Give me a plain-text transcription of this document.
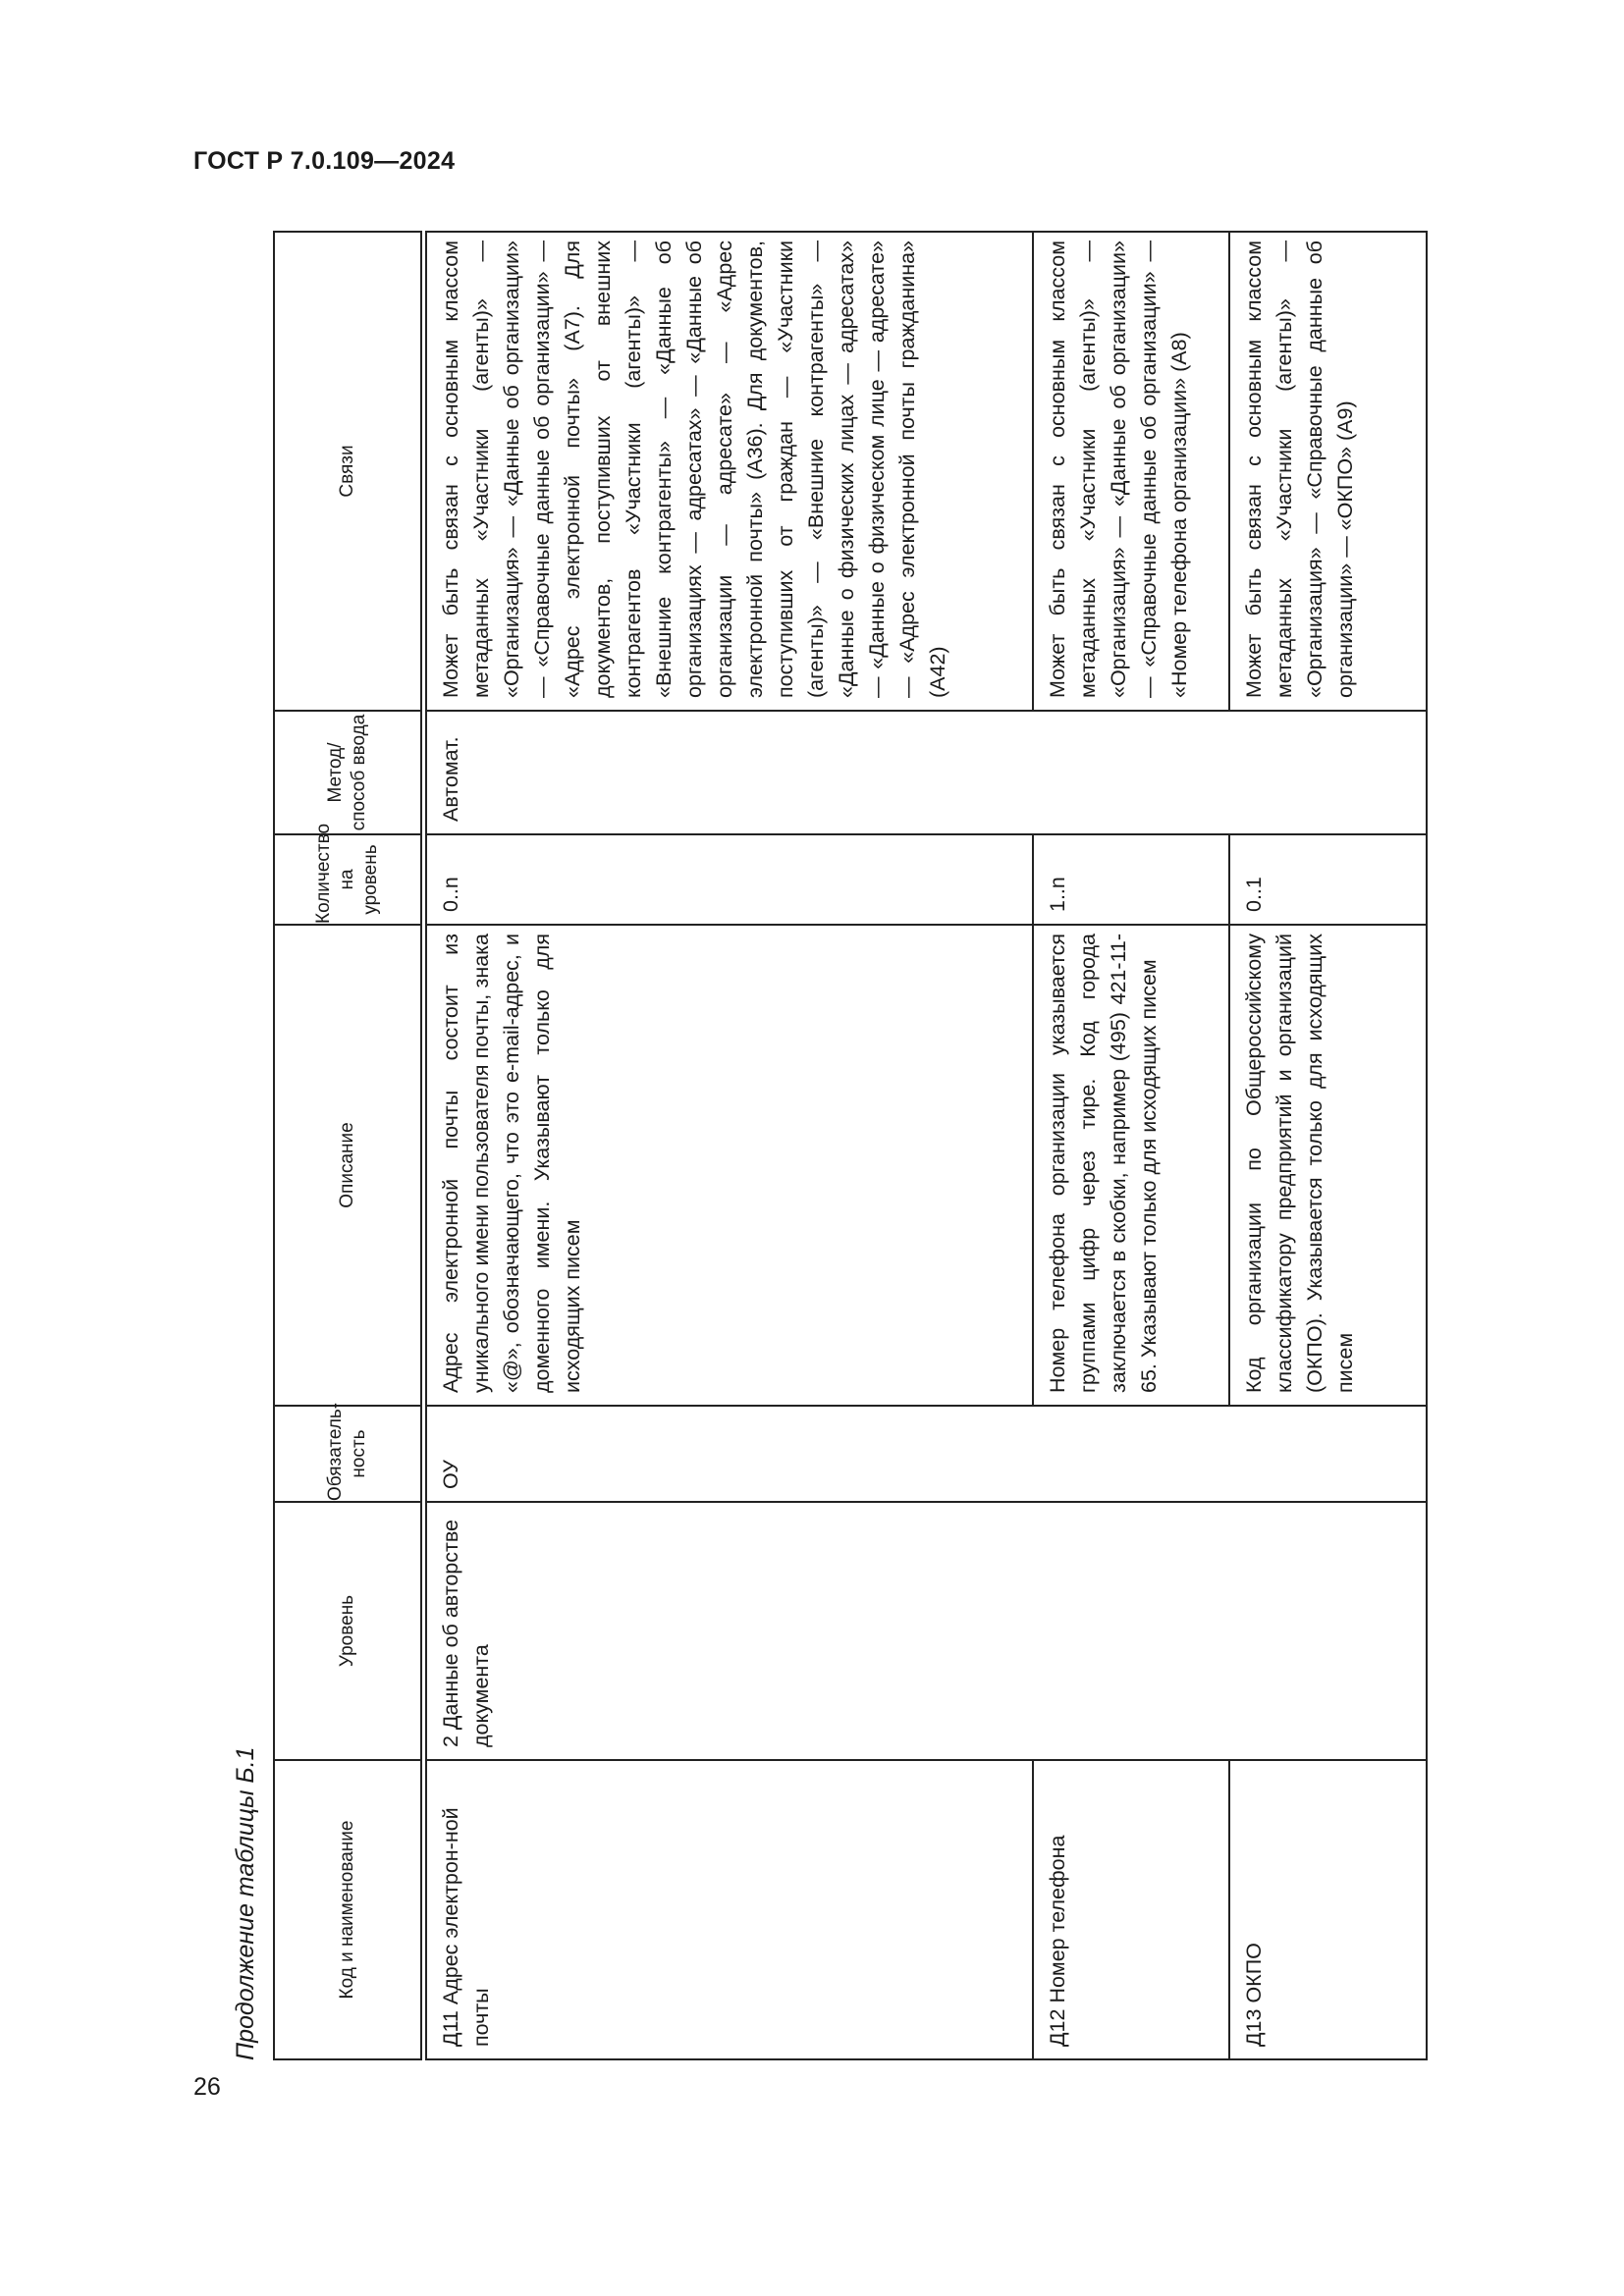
ГОСТ Р 7.0.109—2024
Продолжение таблицы Б.1	Код и наименование	Уровень	Обязатель-ность	Описание	Количество на уровень	Метод/ способ ввода	Связи
Д11 Адрес электрон-ной почты	2 Данные об авторстве документа	ОУ	Адрес электронной почты состоит из уникального имени пользователя почты, знака «@», обозначающего, что это e-mail-адрес, и доменного имени. Указывают только для исходящих писем	0..n	Автомат.	Может быть связан с основным классом метаданных «Участники (агенты)» — «Организация» — «Данные об организации» — «Справочные данные об организации» — «Адрес электронной почты» (А7). Для документов, поступивших от внешних контрагентов «Участники (агенты)» — «Внешние контрагенты» — «Данные об организациях — адресатах» — «Данные об организации — адресате» — «Адрес электронной почты» (А36). Для документов, поступивших от граждан — «Участники (агенты)» — «Внешние контрагенты» — «Данные о физических лицах — адресатах» — «Данные о физическом лице — адресате» — «Адрес электронной почты гражданина» (А42)
Д12 Номер телефона			Номер телефона организации указывается группами цифр через тире. Код города заключается в скобки, например (495) 421-11-65. Указывают только для исходящих писем	1..n		Может быть связан с основным классом метаданных «Участники (агенты)» — «Организация» — «Данные об организации» — «Справочные данные об организации» — «Номер телефона организации» (А8)
Д13 ОКПО			Код организации по Общероссийскому классификатору предприятий и организаций (ОКПО). Указывается только для исходящих писем	0..1		Может быть связан с основным классом метаданных «Участники (агенты)» — «Организация» — «Справочные данные об организации» — «ОКПО» (А9)
26
